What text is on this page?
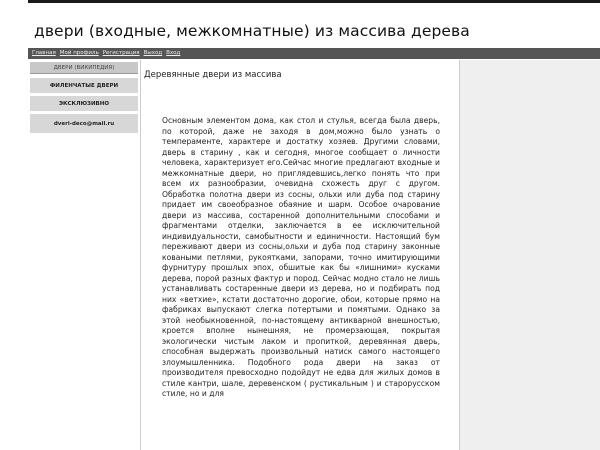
двери (входные, межкомнатные) из массива дерева
Главная Мой профиль Регистрация Выход Вход
ДВЕРИ (ВИКИПЕДИЯ)
ФИЛЕНЧАТЫЕ ДВЕРИ
ЭКСКЛЮЗИВНО
dveri-deco@mail.ru
Деревянные двери из массива

Основным элементом дома, как стол и стулья, всегда была дверь, по которой, даже не заходя в дом,можно было узнать о темпераменте, характере и достатку хозяев. Другими словами, дверь в старину , как и сегодня, многое сообщает о личности человека, характеризует его.Сейчас многие предлагают входные и межкомнатные двери, но приглядевшись,легко понять что при всем их разнообразии, очевидна схожесть друг с другом. Обработка полотна двери из сосны, ольхи или дуба под старину придает им своеобразное обаяние и шарм. Особое очарование двери из массива, состаренной дополнительными способами и фрагментами отделки, заключается в ее исключительной индивидуальности, самобытности и единичности. Настоящий бум переживают двери из сосны,ольхи и дуба под старину законные коваными петлями, рукоятками, запорами, точно имитирующими фурнитуру прошлых эпох, обшитые как бы «лишними» кусками дерева, порой разных фактур и пород. Сейчас модно стало не лишь устанавливать состаренные двери из дерева, но и подбирать под них «ветхие», кстати достаточно дорогие, обои, которые прямо на фабриках выпускают слегка потертыми и помятыми. Однако за этой необыкновенной, по-настоящему антикварной внешностью, кроется вполне нынешняя, не промерзающая, покрытая экологически чистым лаком и пропиткой, деревянная дверь, способная выдержать произвольный натиск самого настоящего злоумышленника. Подобного рода двери на заказ от производителя превосходно подойдут не едва для жилых домов в стиле кантри, шале, деревенском ( рустикальным ) и старорусском стиле, но и для
